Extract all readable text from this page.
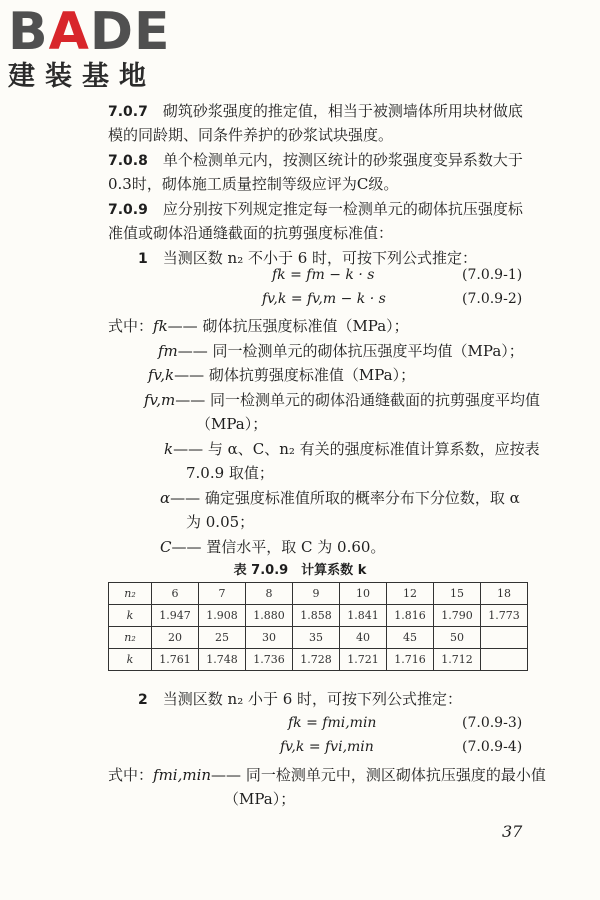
BADE
建装基地
7.0.7　 砌筑砂浆强度的推定值，相当于被测墙体所用块材做底
模的同龄期、同条件养护的砂浆试块强度。
7.0.8　 单个检测单元内，按测区统计的砂浆强度变异系数大于
0.3时，砌体施工质量控制等级应评为C级。
7.0.9　 应分别按下列规定推定每一检测单元的砌体抗压强度标
准值或砌体沿通缝截面的抗剪强度标准值：
1　 当测区数 n₂ 不小于 6 时，可按下列公式推定：
fk = fm − k · s	(7.0.9-1)
fv,k = fv,m − k · s	(7.0.9-2)
式中：fk—— 砌体抗压强度标准值（MPa）；
fm—— 同一检测单元的砌体抗压强度平均值（MPa）；
fv,k—— 砌体抗剪强度标准值（MPa）；
fv,m—— 同一检测单元的砌体沿通缝截面的抗剪强度平均值
（MPa）；
k—— 与 α、C、n₂ 有关的强度标准值计算系数，应按表
7.0.9 取值；
α—— 确定强度标准值所取的概率分布下分位数，取 α
为 0.05；
C—— 置信水平，取 C 为 0.60。
表 7.0.9　计算系数 k
n₂	6	7	8	9	10	12	15	18
k	1.947	1.908	1.880	1.858	1.841	1.816	1.790	1.773
n₂	20	25	30	35	40	45	50	
k	1.761	1.748	1.736	1.728	1.721	1.716	1.712	
2　 当测区数 n₂ 小于 6 时，可按下列公式推定：
fk = fmi,min	(7.0.9-3)
fv,k = fvi,min	(7.0.9-4)
式中：fmi,min—— 同一检测单元中，测区砌体抗压强度的最小值
（MPa）；
37
